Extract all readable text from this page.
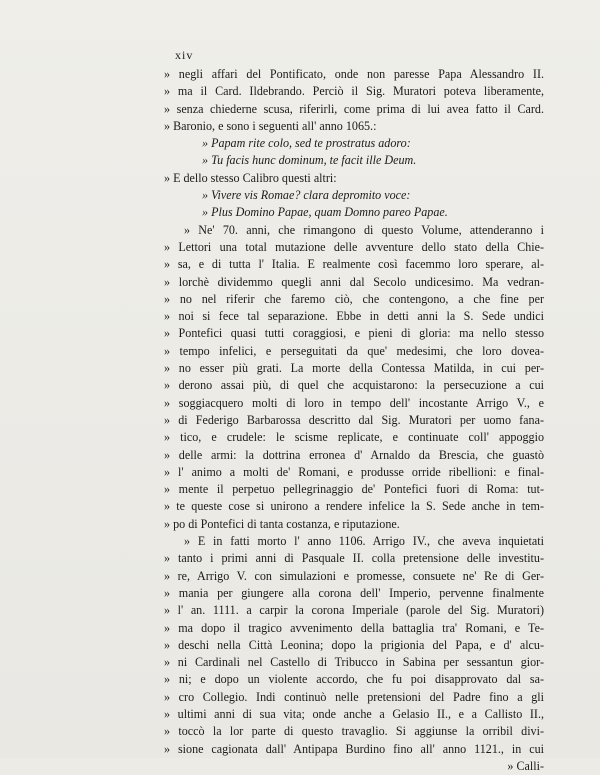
xiv
» negli affari del Pontificato, onde non paresse Papa Alessandro II.
» ma il Card. Ildebrando. Perciò il Sig. Muratori poteva liberamente,
» senza chiederne scusa, riferirli, come prima di lui avea fatto il Card.
» Baronio, e sono i seguenti all' anno 1065.:
» Papam rite colo, sed te prostratus adoro:
» Tu facis hunc dominum, te facit ille Deum.
» E dello stesso Calibro questi altri:
» Vivere vis Romae? clara depromito voce:
» Plus Domino Papae, quam Domno pareo Papae.
» Ne' 70. anni, che rimangono di questo Volume, attenderanno i
» Lettori una total mutazione delle avventure dello stato della Chie-
» sa, e di tutta l' Italia. E realmente così facemmo loro sperare, al-
» lorchè dividemmo quegli anni dal Secolo undicesimo. Ma vedran-
» no nel riferir che faremo ciò, che contengono, a che fine per
» noi si fece tal separazione. Ebbe in detti anni la S. Sede undici
» Pontefici quasi tutti coraggiosi, e pieni di gloria: ma nello stesso
» tempo infelici, e perseguitati da que' medesimi, che loro dovea-
» no esser più grati. La morte della Contessa Matilda, in cui per-
» derono assai più, di quel che acquistarono: la persecuzione a cui
» soggiacquero molti di loro in tempo dell' incostante Arrigo V., e
» di Federigo Barbarossa descritto dal Sig. Muratori per uomo fana-
» tico, e crudele: le scisme replicate, e continuate coll' appoggio
» delle armi: la dottrina erronea d' Arnaldo da Brescia, che guastò
» l' animo a molti de' Romani, e produsse orride ribellioni: e final-
» mente il perpetuo pellegrinaggio de' Pontefici fuori di Roma: tut-
» te queste cose si unirono a rendere infelice la S. Sede anche in tem-
» po di Pontefici di tanta costanza, e riputazione.
» E in fatti morto l' anno 1106. Arrigo IV., che aveva inquietati
» tanto i primi anni di Pasquale II. colla pretensione delle investitu-
» re, Arrigo V. con simulazioni e promesse, consuete ne' Re di Ger-
» mania per giungere alla corona dell' Imperio, pervenne finalmente
» l' an. 1111. a carpir la corona Imperiale (parole del Sig. Muratori)
» ma dopo il tragico avvenimento della battaglia tra' Romani, e Te-
» deschi nella Città Leonina; dopo la prigionia del Papa, e d' alcu-
» ni Cardinali nel Castello di Tribucco in Sabina per sessantun gior-
» ni; e dopo un violente accordo, che fu poi disapprovato dal sa-
» cro Collegio. Indi continuò nelle pretensioni del Padre fino a gli
» ultimi anni di sua vita; onde anche a Gelasio II., e a Callisto II.,
» toccò la lor parte di questo travaglio. Si aggiunse la orribil divi-
» sione cagionata dall' Antipapa Burdino fino all' anno 1121., in cui
» Calli-
